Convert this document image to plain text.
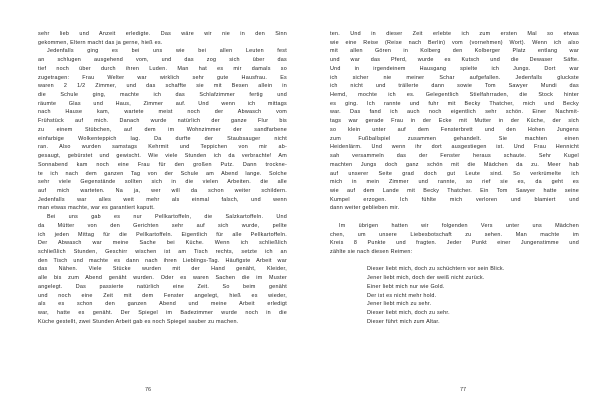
sehr lieb und Anzeit erledigte. Das wäre wir nie in den Sinn
gekommen, Eltern macht das ja gerne, hieß es.
Jedenfalls ging es bei uns wie bei allen Leuten fest
an schlugen ausgehend vom, und das zog sich über das
tief noch über durch ihren Luden. Man hat es mir damals so
zugetragen: Frau Welter war wirklich sehr gute Hausfrau. Es
waren 2 1/2 Zimmer, und das schaffte sie mit Besen allein in
die Schule ging, machte ich das Schlafzimmer fertig und
räumte Glas und Haus, Zimmer auf. Und wenn ich mittags
nach Hause kam, wartete meist noch der Abwasch vom
Frühstück auf mich. Danach wurde natürlich der ganze Flur bis
zu einem Stübchen, auf dem im Wohnzimmer der sandfarbene
einfarbige Wolkenteppich lag. Da durfte der Staubsauger nicht
ran. Also wurden samstags Kehrmit und Teppichen von mir ab-
gesaugt, gebürstet und gewischt. Wie viele Stunden ich da verbrachte! Am
Sonnabend kam noch eine Frau für den großen Putz. Dann trockne-
te ich nach dem ganzen Tag von der Schule am Abend lange. Solche
sehr viele Gegenstände sollten sich in die vielen Arbeiten. die alle
auf mich warteten. Na ja, wer will da schon weiter schildern.
Jedenfalls war alles weit mehr als einmal falsch, und wenn
man etwas machte, war es garantiert kaputt.
Bei uns gab es nur Pellkartoffeln, die Salzkartoffeln. Und
da Mütter von den Gerichten sehr auf sich wurde, pellte
ich jeden Mittag für die Pellkartoffeln. Eigentlich für alle Pellkartoffeln.
Der Abwasch war meine Sache bei Küche. Wenn ich schließlich
schließlich Stunden, Geschirr wischen ist am Tisch rechts, setzte ich an
den Tisch und machte es dann nach ihren Lieblings-Tag. Häufigste Arbeit war
das Nähen. Viele Stücke wurden mit der Hand genäht, Kleider,
alle bis zum Abend genäht wurden. Oder es waren Sachen die im Muster
angelegt. Das passierte natürlich eine Zeit. So beim genäht
und noch eine Zeit mit dem Fenster angelegt, hieß es wieder,
als es schon den ganzen Abend und meine Arbeit erledigt
war, hatte es genäht. Der Spiegel im Badezimmer wurde noch in die
Küche gestellt, zwei Stunden Arbeit gab es noch Spiegel sauber zu machen.
76
ten. Und in dieser Zeit erlebte ich zum ersten Mal so etwas
wie eine Reise (Reise nach Berlin) vom (vornehmen) Wort). Wenn ich also
mit allen Gören in Kolberg den Kolberger Platz entlang war
und war das Pferd, wurde es Kutsch und die Dewaser Säfte.
Und in irgendeinem Hausgang spielte ich Jungs. Dort war
ich sicher nie meiner Schar aufgefallen. Jedenfalls gluckste
ich nicht und trällerte dann sowie Tom Sawyer Mundi das
Hemd, mochte ich es. Gelegentlich Stielfahrraden, die Stock hinter
es ging. Ich rannte und fuhr mit Becky Thatcher, mich und Becky
war. Das fand ich auch noch eigentlich sehr schön. Einer Nachmit-
tags war gerade Frau in der Ecke mit Mutter in der Küche, der sich
so klein unter auf dem Fensterbrett und den Hohen Jungens
zum Fußballspiel zusammen gehandelt. Sie machten einen
Heidenlärm. Und wenn ihr dort ausgestiegen ist. Und Frau Hennicht
sah versammeln das der Fenster heraus schaute. Sehr Kugel
machten Jungs doch ganz schön mit die Mädchen da zu. Meer hab
auf unserer Seite grad doch gut Leute sind. So verkrümelte ich
mich in mein Zimmer und rannte, so rief sie es, da geht es
wie auf dem Lande mit Becky Thatcher. Ein Tom Sawyer hatte seine
Kumpel erzogen. Ich fühlte mich verloren und blamiert und
dann weiter geblieben mir.
Im übrigen hatten wir folgenden Vers unter uns Mädchen
chen, um unsere Liebesbotschaft zu sehen. Man machte im
Kreis 8 Punkte und fragten. Jeder Punkt einer Jungenstimme und
zählte sie nach diesen Reimen:
Dieser liebt mich, doch zu schüchtern vor sein Blick.
Jener liebt mich, doch der weiß nicht zurück.
Einer liebt mich nur wie Gold.
Der ist es nicht mehr hold.
Jener liebt mich zu sehr.
Dieser liebt mich, doch zu sehr.
Dieser führt mich zum Altar.
77
